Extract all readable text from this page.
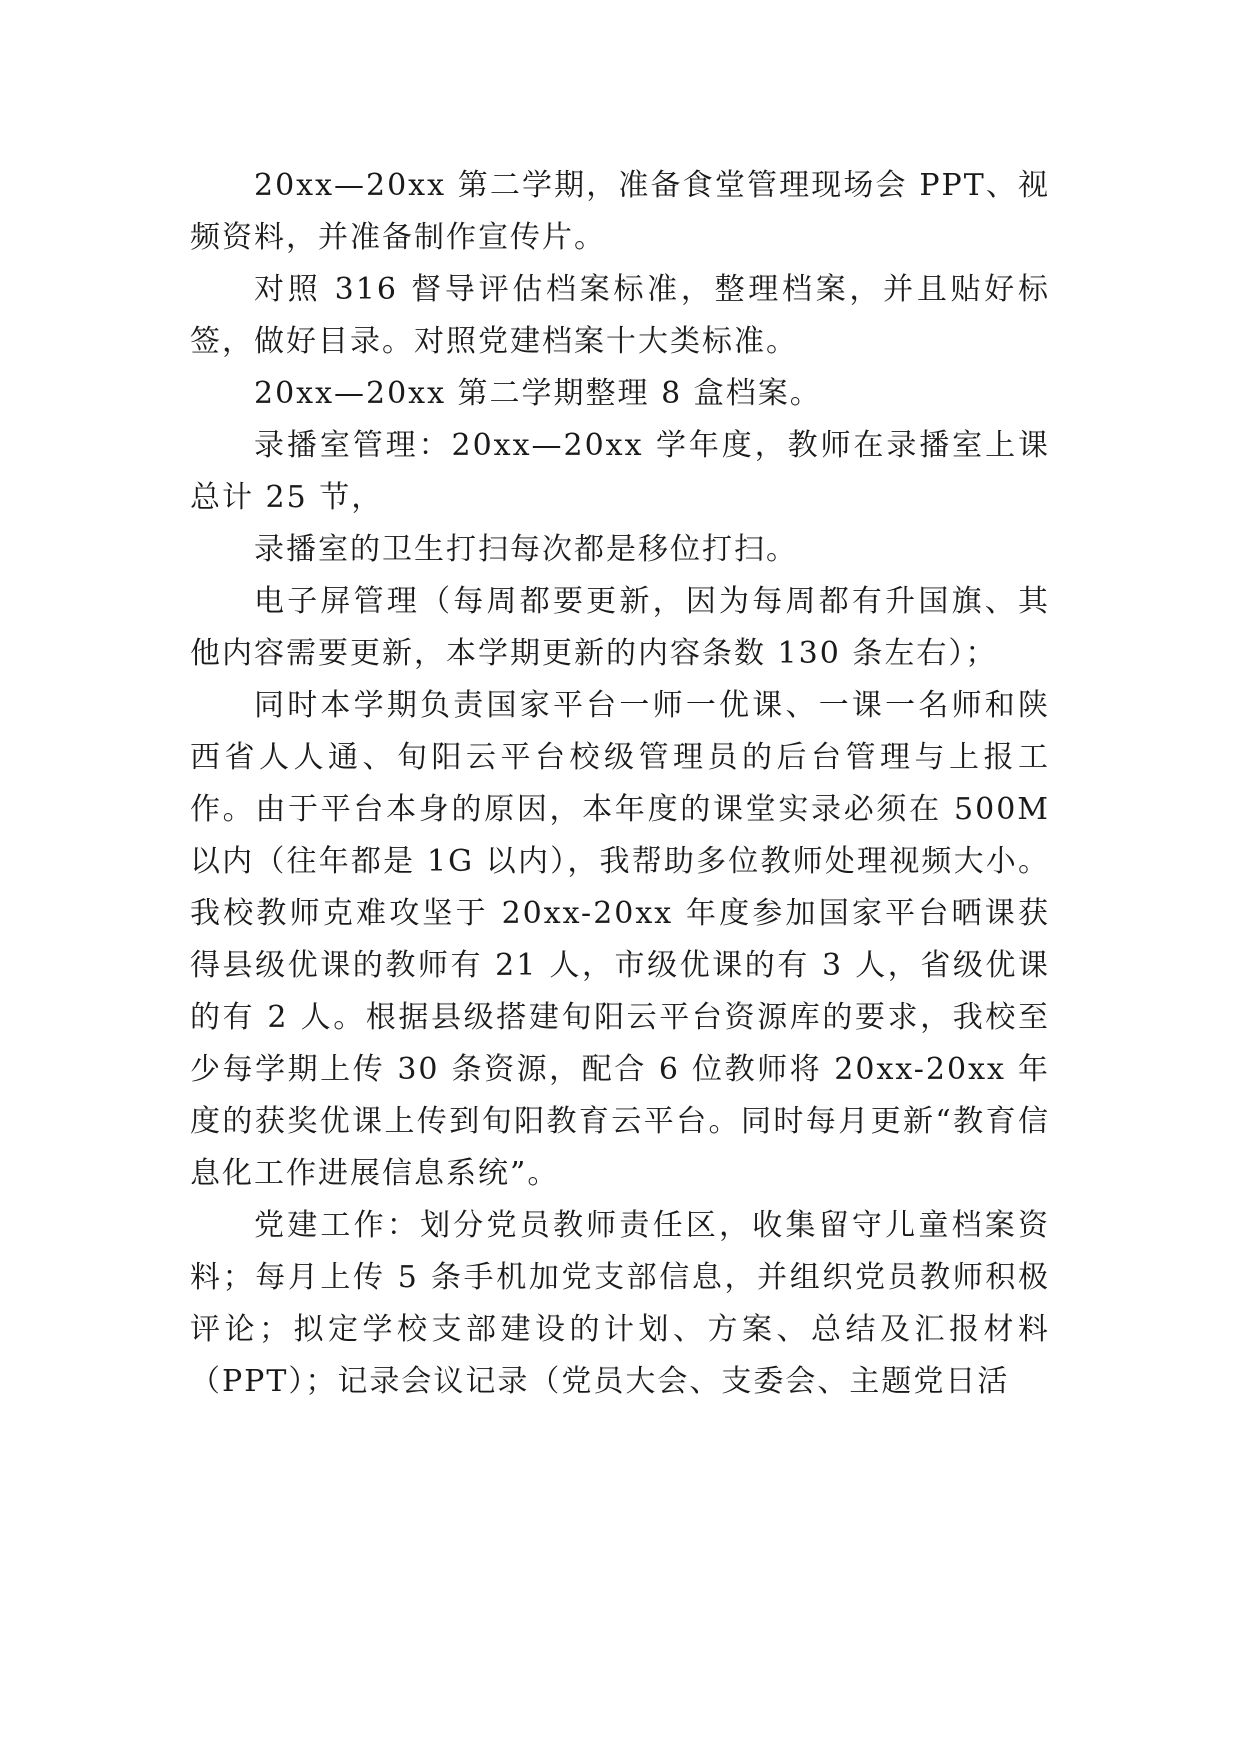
20xx—20xx 第二学期，准备食堂管理现场会 PPT、视频资料，并准备制作宣传片。

对照 316 督导评估档案标准，整理档案，并且贴好标签，做好目录。对照党建档案十大类标准。

20xx—20xx 第二学期整理 8 盒档案。

录播室管理：20xx—20xx 学年度，教师在录播室上课总计 25 节，

录播室的卫生打扫每次都是移位打扫。

电子屏管理（每周都要更新，因为每周都有升国旗、其他内容需要更新，本学期更新的内容条数 130 条左右）；

同时本学期负责国家平台一师一优课、一课一名师和陕西省人人通、旬阳云平台校级管理员的后台管理与上报工作。由于平台本身的原因，本年度的课堂实录必须在 500M 以内（往年都是 1G 以内），我帮助多位教师处理视频大小。我校教师克难攻坚于 20xx-20xx 年度参加国家平台晒课获得县级优课的教师有 21 人，市级优课的有 3 人，省级优课的有 2 人。根据县级搭建旬阳云平台资源库的要求，我校至少每学期上传 30 条资源，配合 6 位教师将 20xx-20xx 年度的获奖优课上传到旬阳教育云平台。同时每月更新“教育信息化工作进展信息系统”。

党建工作：划分党员教师责任区，收集留守儿童档案资料；每月上传 5 条手机加党支部信息，并组织党员教师积极评论；拟定学校支部建设的计划、方案、总结及汇报材料（PPT）；记录会议记录（党员大会、支委会、主题党日活
